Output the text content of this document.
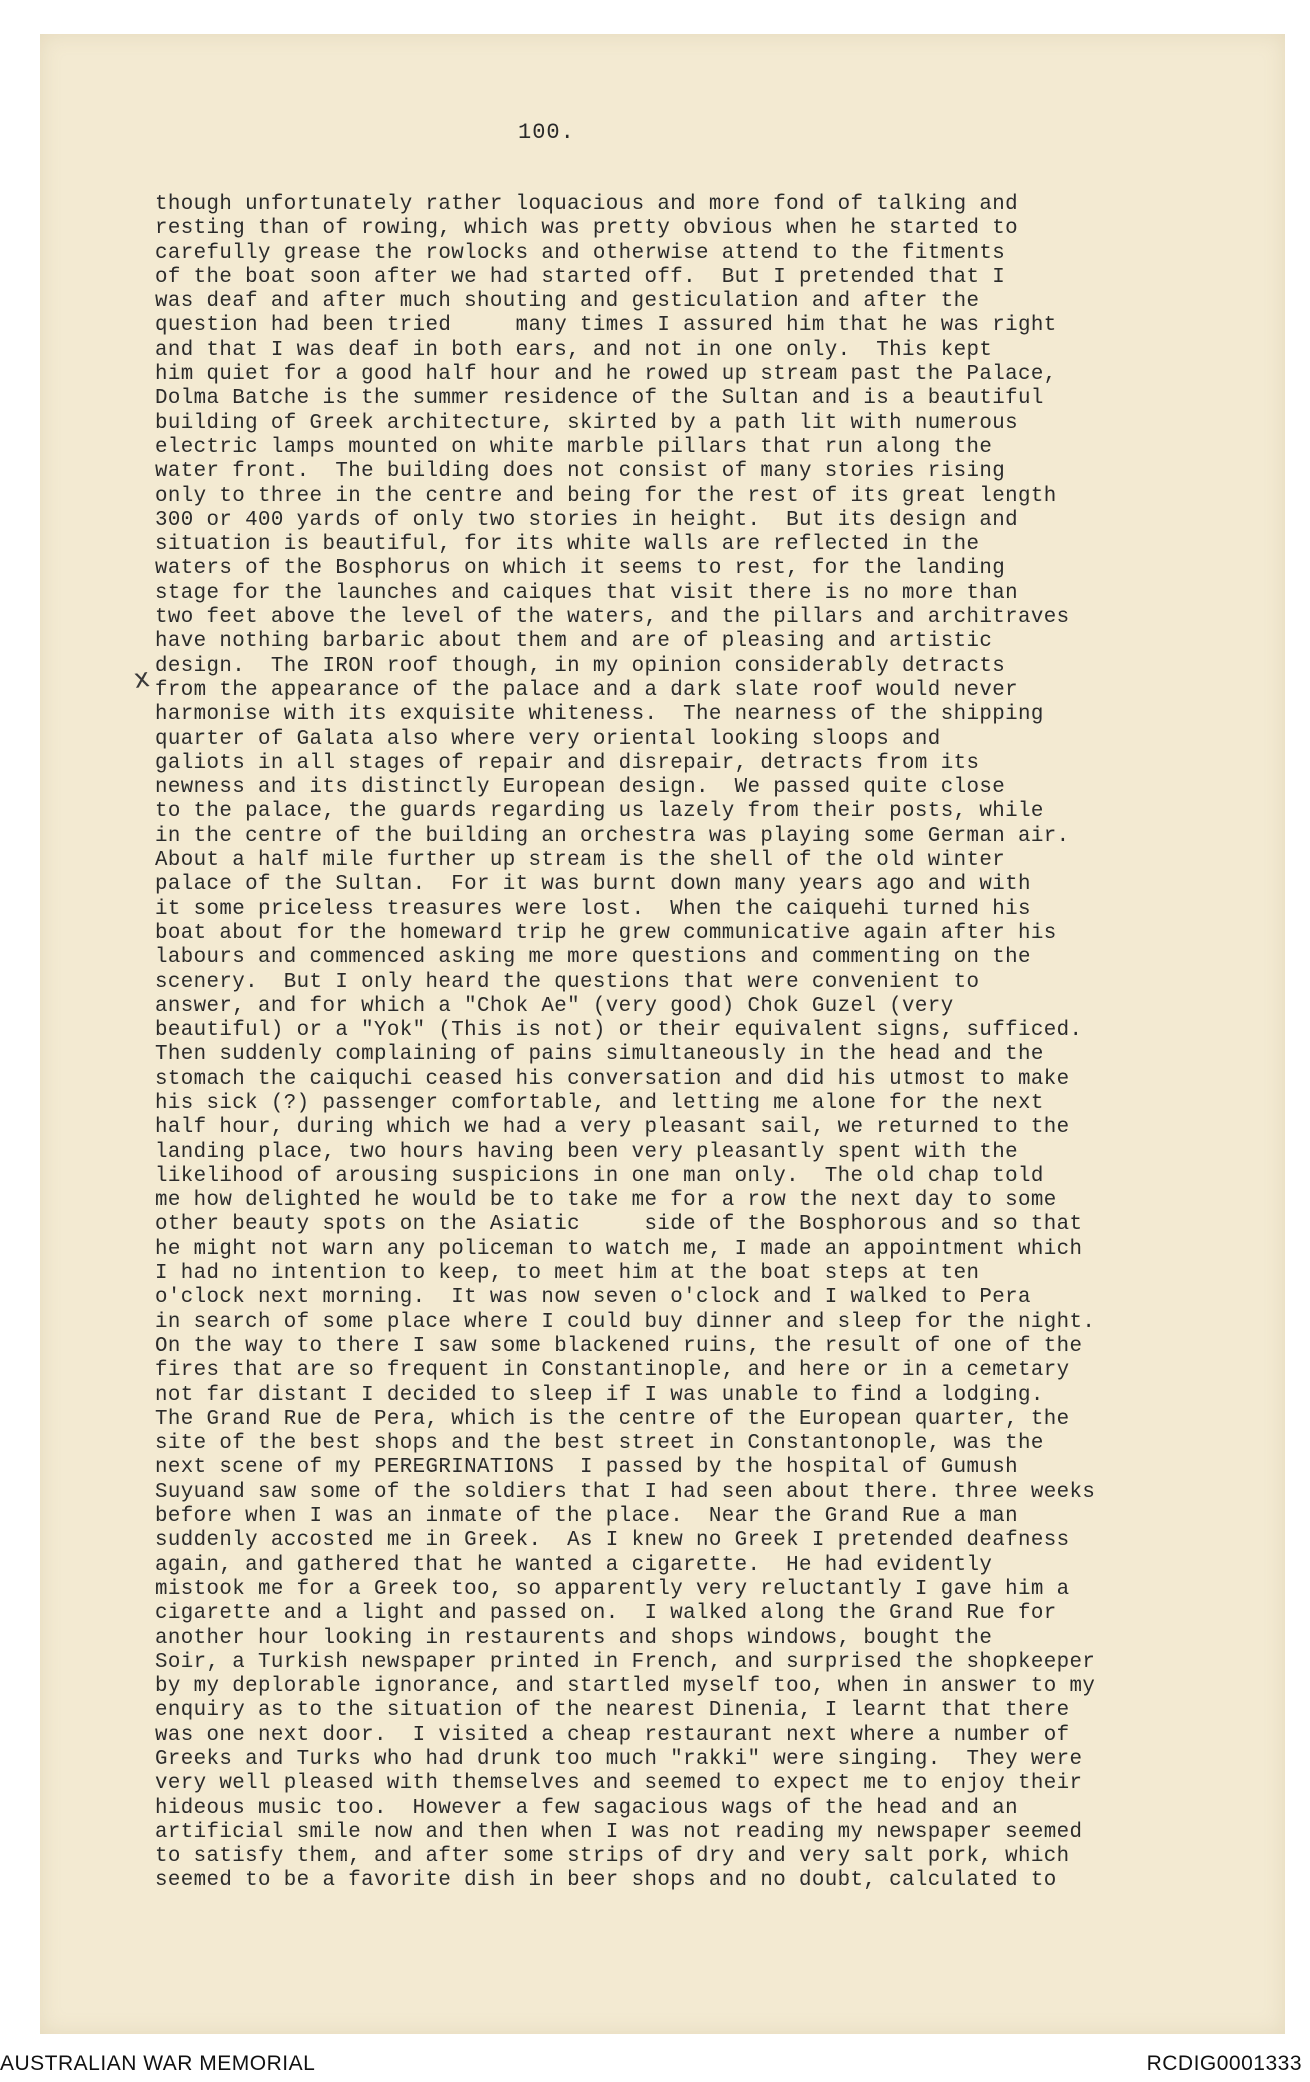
100.
x
though unfortunately rather loquacious and more fond of talking and
resting than of rowing, which was pretty obvious when he started to
carefully grease the rowlocks and otherwise attend to the fitments
of the boat soon after we had started off.  But I pretended that I
was deaf and after much shouting and gesticulation and after the
question had been tried     many times I assured him that he was right
and that I was deaf in both ears, and not in one only.  This kept
him quiet for a good half hour and he rowed up stream past the Palace,
Dolma Batche is the summer residence of the Sultan and is a beautiful
building of Greek architecture, skirted by a path lit with numerous
electric lamps mounted on white marble pillars that run along the
water front.  The building does not consist of many stories rising
only to three in the centre and being for the rest of its great length
300 or 400 yards of only two stories in height.  But its design and
situation is beautiful, for its white walls are reflected in the
waters of the Bosphorus on which it seems to rest, for the landing
stage for the launches and caiques that visit there is no more than
two feet above the level of the waters, and the pillars and architraves
have nothing barbaric about them and are of pleasing and artistic
design.  The IRON roof though, in my opinion considerably detracts
from the appearance of the palace and a dark slate roof would never
harmonise with its exquisite whiteness.  The nearness of the shipping
quarter of Galata also where very oriental looking sloops and
galiots in all stages of repair and disrepair, detracts from its
newness and its distinctly European design.  We passed quite close
to the palace, the guards regarding us lazely from their posts, while
in the centre of the building an orchestra was playing some German air.
About a half mile further up stream is the shell of the old winter
palace of the Sultan.  For it was burnt down many years ago and with
it some priceless treasures were lost.  When the caiquehi turned his
boat about for the homeward trip he grew communicative again after his
labours and commenced asking me more questions and commenting on the
scenery.  But I only heard the questions that were convenient to
answer, and for which a "Chok Ae" (very good) Chok Guzel (very
beautiful) or a "Yok" (This is not) or their equivalent signs, sufficed.
Then suddenly complaining of pains simultaneously in the head and the
stomach the caiquchi ceased his conversation and did his utmost to make
his sick (?) passenger comfortable, and letting me alone for the next
half hour, during which we had a very pleasant sail, we returned to the
landing place, two hours having been very pleasantly spent with the
likelihood of arousing suspicions in one man only.  The old chap told
me how delighted he would be to take me for a row the next day to some
other beauty spots on the Asiatic     side of the Bosphorous and so that
he might not warn any policeman to watch me, I made an appointment which
I had no intention to keep, to meet him at the boat steps at ten
o'clock next morning.  It was now seven o'clock and I walked to Pera
in search of some place where I could buy dinner and sleep for the night.
On the way to there I saw some blackened ruins, the result of one of the
fires that are so frequent in Constantinople, and here or in a cemetary
not far distant I decided to sleep if I was unable to find a lodging.
The Grand Rue de Pera, which is the centre of the European quarter, the
site of the best shops and the best street in Constantonople, was the
next scene of my PEREGRINATIONS  I passed by the hospital of Gumush
Suyuand saw some of the soldiers that I had seen about there. three weeks
before when I was an inmate of the place.  Near the Grand Rue a man
suddenly accosted me in Greek.  As I knew no Greek I pretended deafness
again, and gathered that he wanted a cigarette.  He had evidently
mistook me for a Greek too, so apparently very reluctantly I gave him a
cigarette and a light and passed on.  I walked along the Grand Rue for
another hour looking in restaurents and shops windows, bought the
Soir, a Turkish newspaper printed in French, and surprised the shopkeeper
by my deplorable ignorance, and startled myself too, when in answer to my
enquiry as to the situation of the nearest Dinenia, I learnt that there
was one next door.  I visited a cheap restaurant next where a number of
Greeks and Turks who had drunk too much "rakki" were singing.  They were
very well pleased with themselves and seemed to expect me to enjoy their
hideous music too.  However a few sagacious wags of the head and an
artificial smile now and then when I was not reading my newspaper seemed
to satisfy them, and after some strips of dry and very salt pork, which
seemed to be a favorite dish in beer shops and no doubt, calculated to
AUSTRALIAN WAR MEMORIAL	RCDIG0001333
